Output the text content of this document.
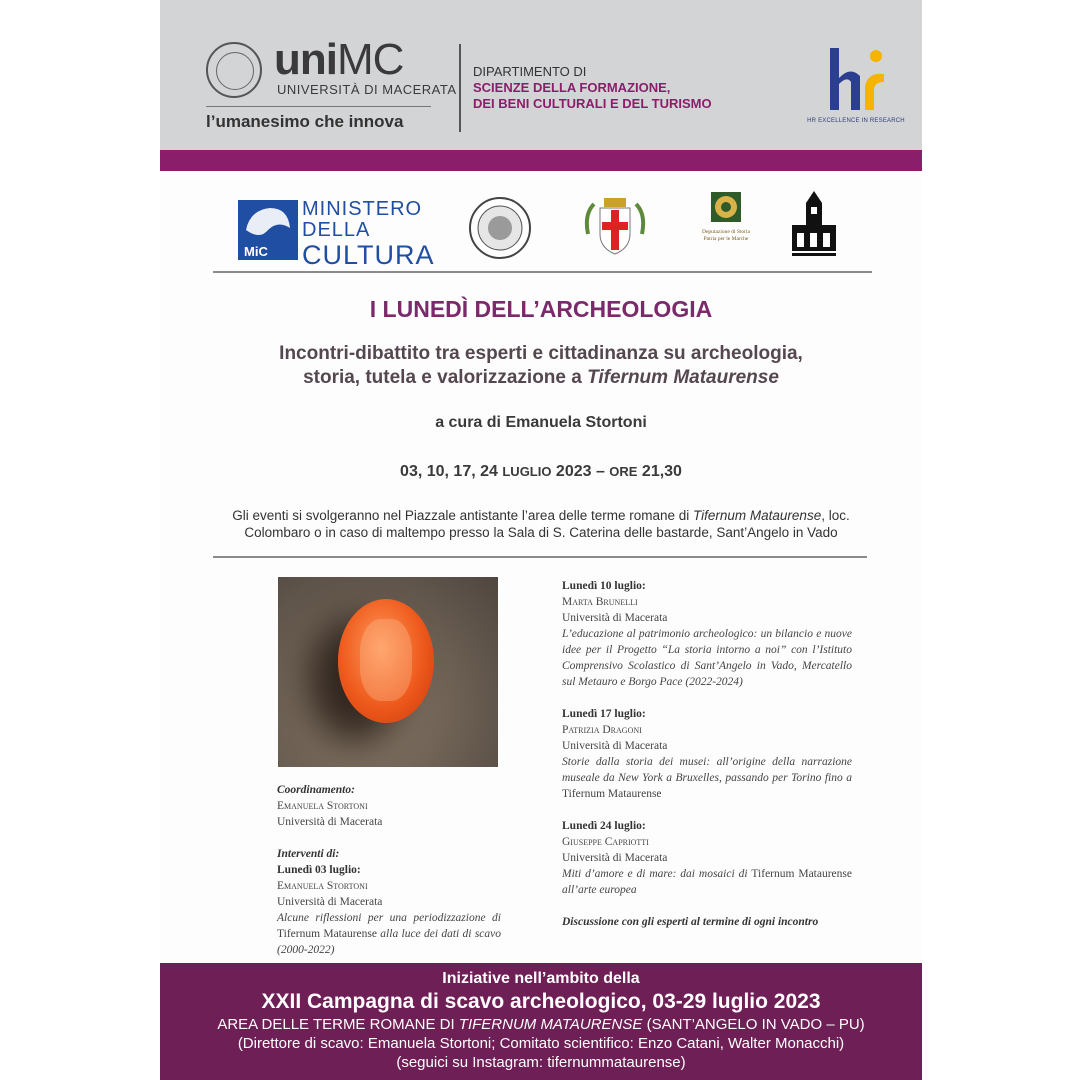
uniMC
UNIVERSITÀ DI MACERATA
l’umanesimo che innova
DIPARTIMENTO DI
SCIENZE DELLA FORMAZIONE,
DEI BENI CULTURALI E DEL TURISMO
HR EXCELLENCE IN RESEARCH
MiC
MINISTERO
DELLA
CULTURA
Deputazione di Storia Patria per le Marche
I LUNEDÌ DELL’ARCHEOLOGIA
Incontri-dibattito tra esperti e cittadinanza su archeologia,
storia, tutela e valorizzazione a Tifernum Mataurense
a cura di Emanuela Stortoni
03, 10, 17, 24 LUGLIO 2023 – ORE 21,30
Gli eventi si svolgeranno nel Piazzale antistante l’area delle terme romane di Tifernum Mataurense, loc.
Colombaro o in caso di maltempo presso la Sala di S. Caterina delle bastarde, Sant’Angelo in Vado
Coordinamento:
Emanuela Stortoni
Università di Macerata
Interventi di:
Lunedì 03 luglio:
Emanuela Stortoni
Università di Macerata
Alcune riflessioni per una periodizzazione di Tifernum Mataurense alla luce dei dati di scavo (2000-2022)
Lunedì 10 luglio:
Marta Brunelli
Università di Macerata
L’educazione al patrimonio archeologico: un bilancio e nuove idee per il Progetto “La storia intorno a noi” con l’Istituto Comprensivo Scolastico di Sant’Angelo in Vado, Mercatello sul Metauro e Borgo Pace (2022-2024)
Lunedì 17 luglio:
Patrizia Dragoni
Università di Macerata
Storie dalla storia dei musei: all’origine della narrazione museale da New York a Bruxelles, passando per Torino fino a Tifernum Mataurense
Lunedì 24 luglio:
Giuseppe Capriotti
Università di Macerata
Miti d’amore e di mare: dai mosaici di Tifernum Mataurense all’arte europea
Discussione con gli esperti al termine di ogni incontro
Iniziative nell’ambito della
XXII Campagna di scavo archeologico, 03-29 luglio 2023
AREA DELLE TERME ROMANE DI TIFERNUM MATAURENSE (SANT’ANGELO IN VADO – PU)
(Direttore di scavo: Emanuela Stortoni; Comitato scientifico: Enzo Catani, Walter Monacchi)
(seguici su Instagram: tifernummataurense)
